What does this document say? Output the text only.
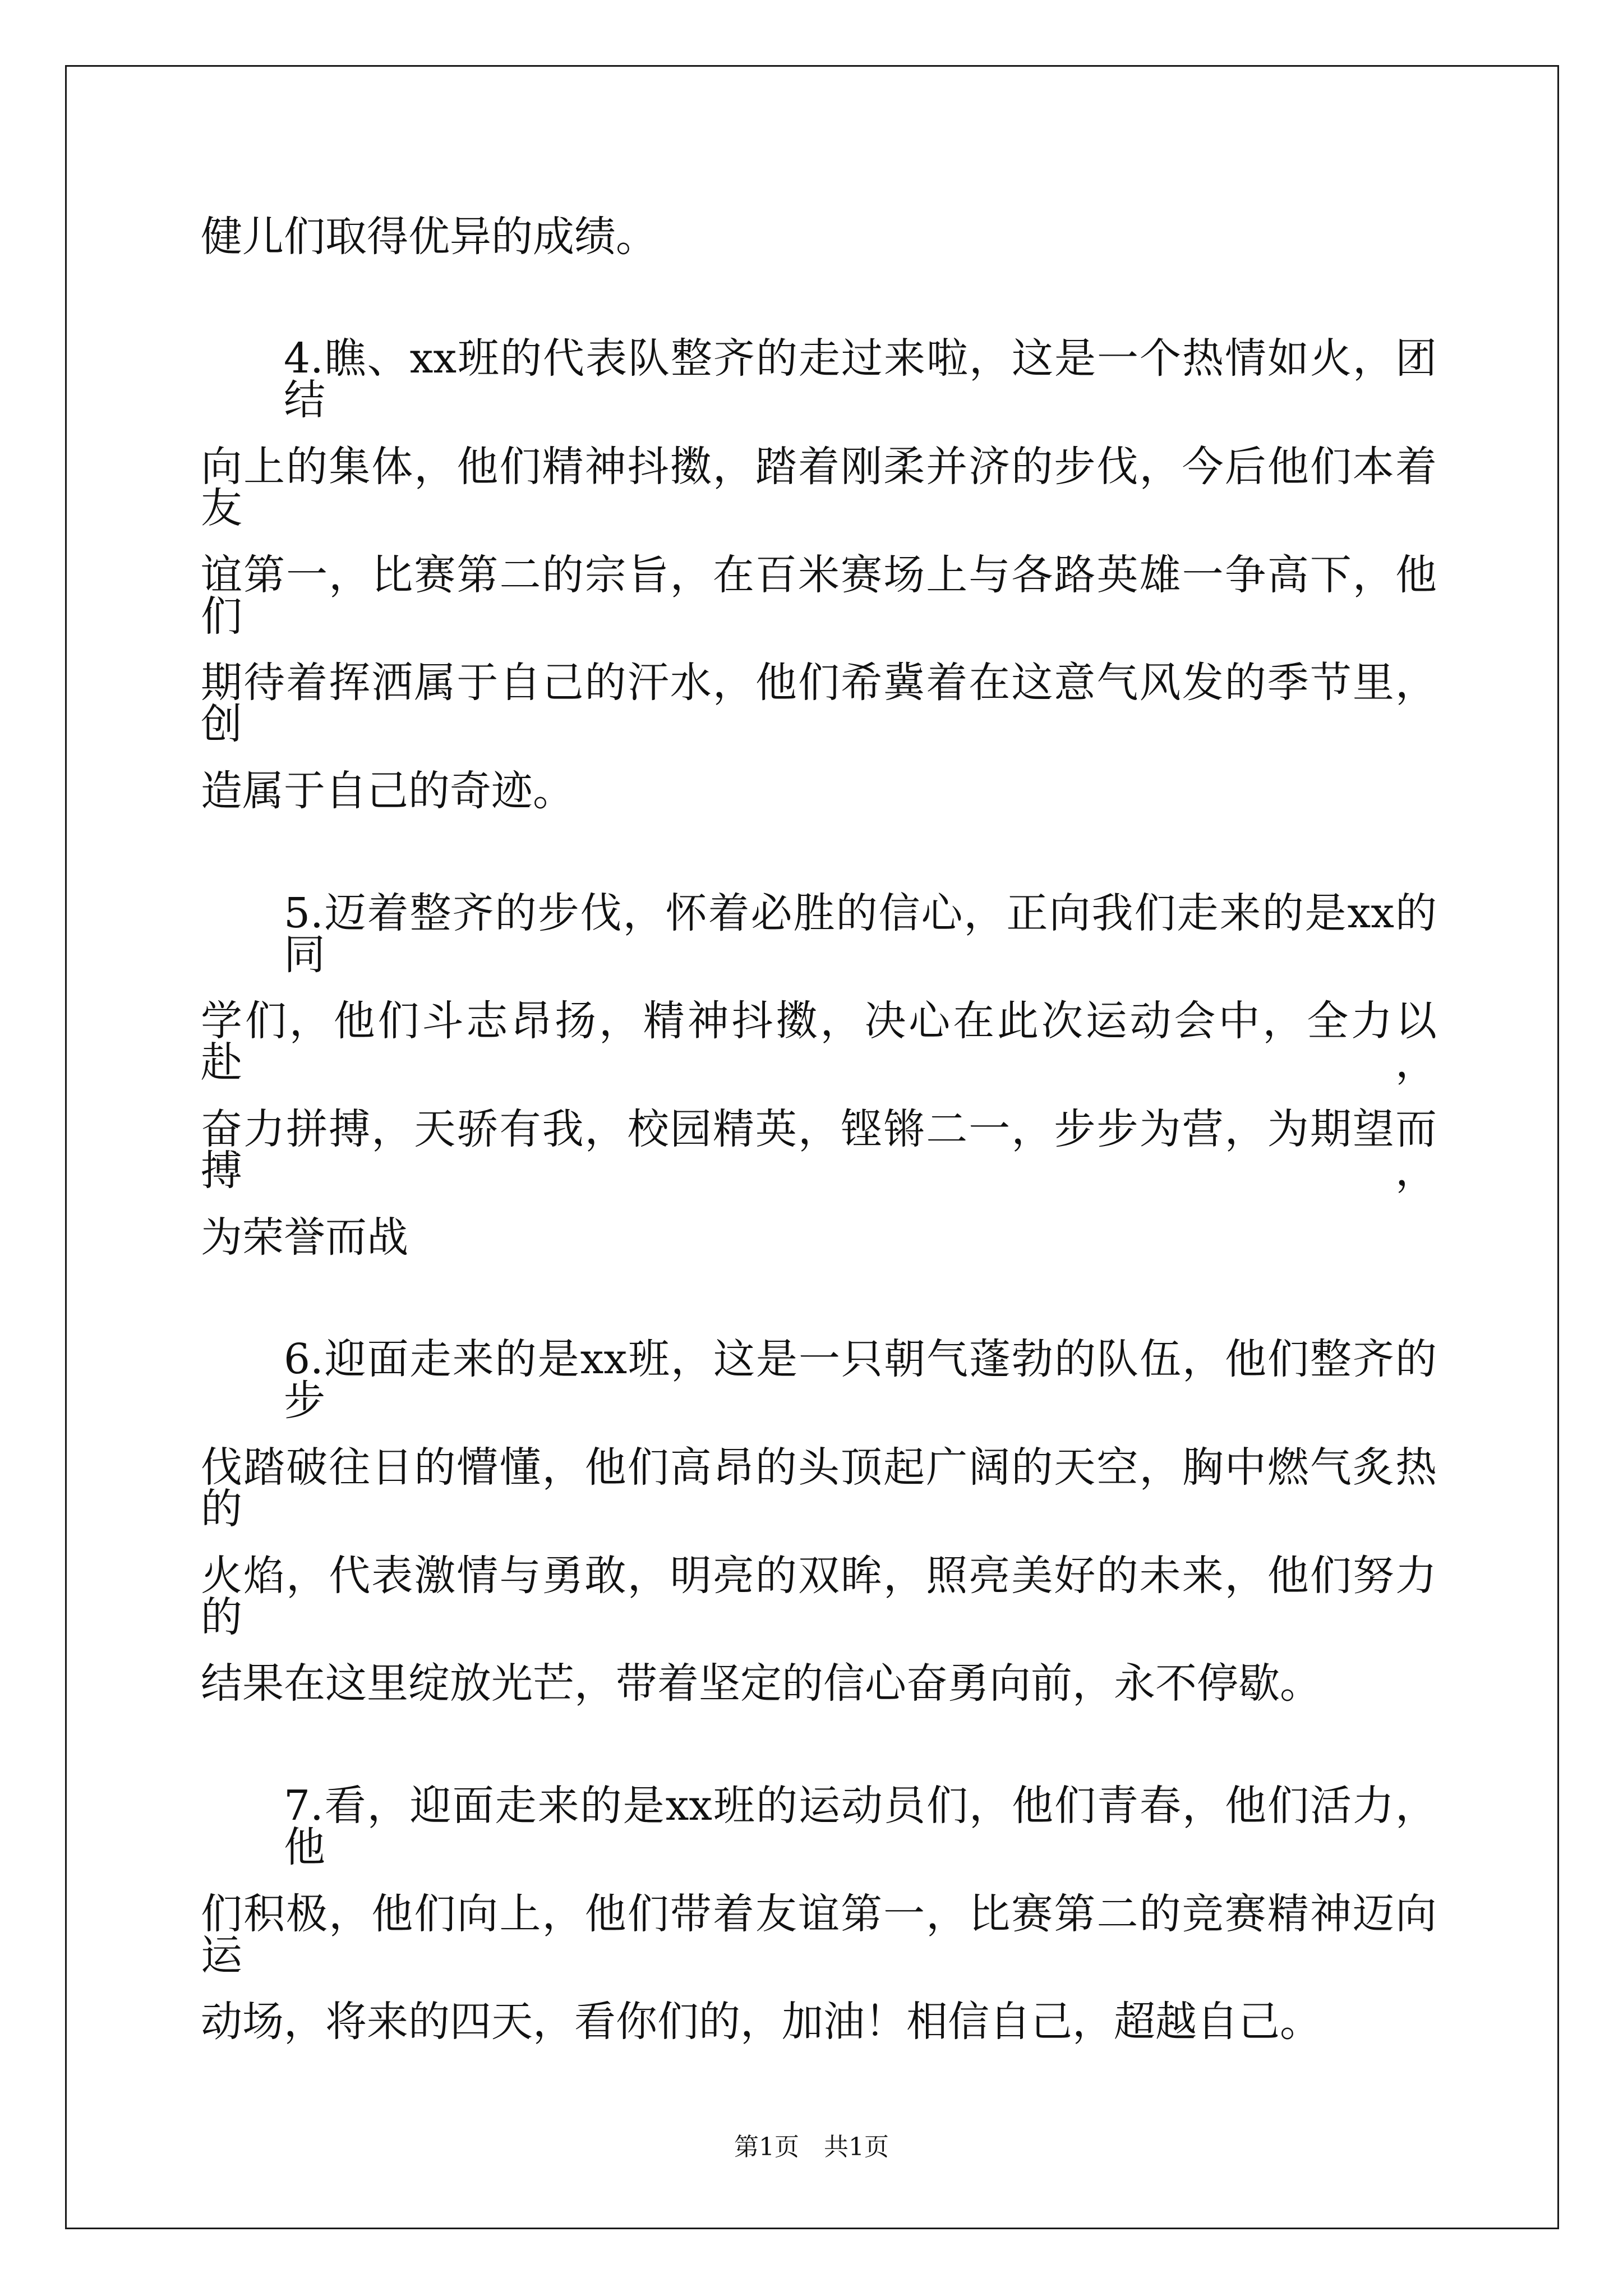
健儿们取得优异的成绩。
4.瞧、xx班的代表队整齐的走过来啦，这是一个热情如火，团结
向上的集体，他们精神抖擞，踏着刚柔并济的步伐，今后他们本着友
谊第一，比赛第二的宗旨，在百米赛场上与各路英雄一争高下，他们
期待着挥洒属于自己的汗水，他们希冀着在这意气风发的季节里，创
造属于自己的奇迹。
5.迈着整齐的步伐，怀着必胜的信心，正向我们走来的是xx的同
学们，他们斗志昂扬，精神抖擞，决心在此次运动会中，全力以赴，
奋力拼搏，天骄有我，校园精英，铿锵二一，步步为营，为期望而搏，
为荣誉而战
6.迎面走来的是xx班，这是一只朝气蓬勃的队伍，他们整齐的步
伐踏破往日的懵懂，他们高昂的头顶起广阔的天空，胸中燃气炙热的
火焰，代表激情与勇敢，明亮的双眸，照亮美好的未来，他们努力的
结果在这里绽放光芒，带着坚定的信心奋勇向前，永不停歇。
7.看，迎面走来的是xx班的运动员们，他们青春，他们活力，他
们积极，他们向上，他们带着友谊第一，比赛第二的竞赛精神迈向运
动场，将来的四天，看你们的，加油！相信自己，超越自己。
第1页　共1页
